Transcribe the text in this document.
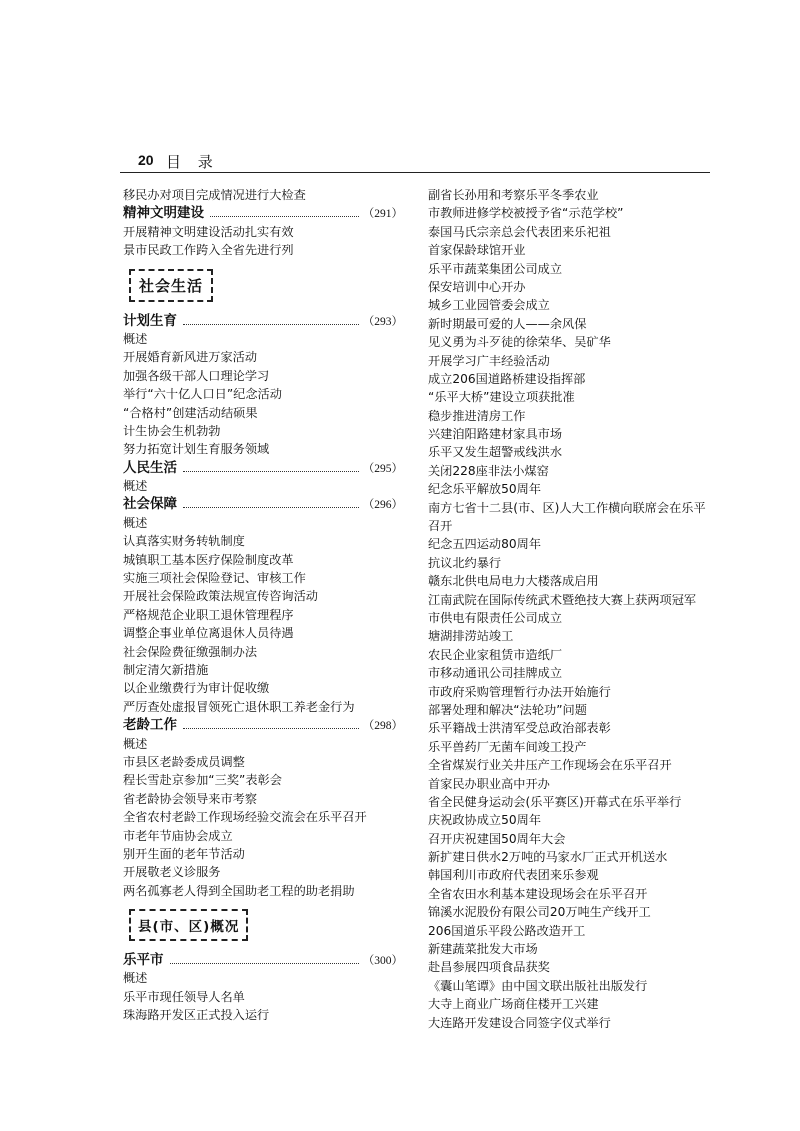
20 目 录
移民办对项目完成情况进行大检查
精神文明建设	（291）
开展精神文明建设活动扎实有效
景市民政工作跨入全省先进行列
社会生活
计划生育	（293）
概述
开展婚育新风进万家活动
加强各级干部人口理论学习
举行“六十亿人口日”纪念活动
“合格村”创建活动结硕果
计生协会生机勃勃
努力拓宽计划生育服务领域
人民生活	（295）
概述
社会保障	（296）
概述
认真落实财务转轨制度
城镇职工基本医疗保险制度改革
实施三项社会保险登记、审核工作
开展社会保险政策法规宣传咨询活动
严格规范企业职工退休管理程序
调整企事业单位离退休人员待遇
社会保险费征缴强制办法
制定清欠新措施
以企业缴费行为审计促收缴
严厉查处虚报冒领死亡退休职工养老金行为
老龄工作	（298）
概述
市县区老龄委成员调整
程长雪赴京参加“三奖”表彰会
省老龄协会领导来市考察
全省农村老龄工作现场经验交流会在乐平召开
市老年节庙协会成立
别开生面的老年节活动
开展敬老义诊服务
两名孤寡老人得到全国助老工程的助老捐助
县(市、区)概况
乐平市	（300）
概述
乐平市现任领导人名单
珠海路开发区正式投入运行
副省长孙用和考察乐平冬季农业
市教师进修学校被授予省“示范学校”
泰国马氏宗亲总会代表团来乐祀祖
首家保龄球馆开业
乐平市蔬菜集团公司成立
保安培训中心开办
城乡工业园管委会成立
新时期最可爱的人——余风保
见义勇为斗歹徒的徐荣华、吴矿华
开展学习广丰经验活动
成立206国道路桥建设指挥部
“乐平大桥”建设立项获批准
稳步推进清房工作
兴建洎阳路建材家具市场
乐平又发生超警戒线洪水
关闭228座非法小煤窑
纪念乐平解放50周年
南方七省十二县(市、区)人大工作横向联席会在乐平召开
纪念五四运动80周年
抗议北约暴行
赣东北供电局电力大楼落成启用
江南武院在国际传统武术暨绝技大赛上获两项冠军
市供电有限责任公司成立
塘湖排涝站竣工
农民企业家租赁市造纸厂
市移动通讯公司挂牌成立
市政府采购管理暂行办法开始施行
部署处理和解决“法轮功”问题
乐平籍战士洪清军受总政治部表彰
乐平兽药厂无菌车间竣工投产
全省煤炭行业关井压产工作现场会在乐平召开
首家民办职业高中开办
省全民健身运动会(乐平赛区)开幕式在乐平举行
庆祝政协成立50周年
召开庆祝建国50周年大会
新扩建日供水2万吨的马家水厂正式开机送水
韩国利川市政府代表团来乐参观
全省农田水利基本建设现场会在乐平召开
锦溪水泥股份有限公司20万吨生产线开工
206国道乐平段公路改造开工
新建蔬菜批发大市场
赴昌参展四项食品获奖
《囊山笔谭》由中国文联出版社出版发行
大寺上商业广场商住楼开工兴建
大连路开发建设合同签字仪式举行
